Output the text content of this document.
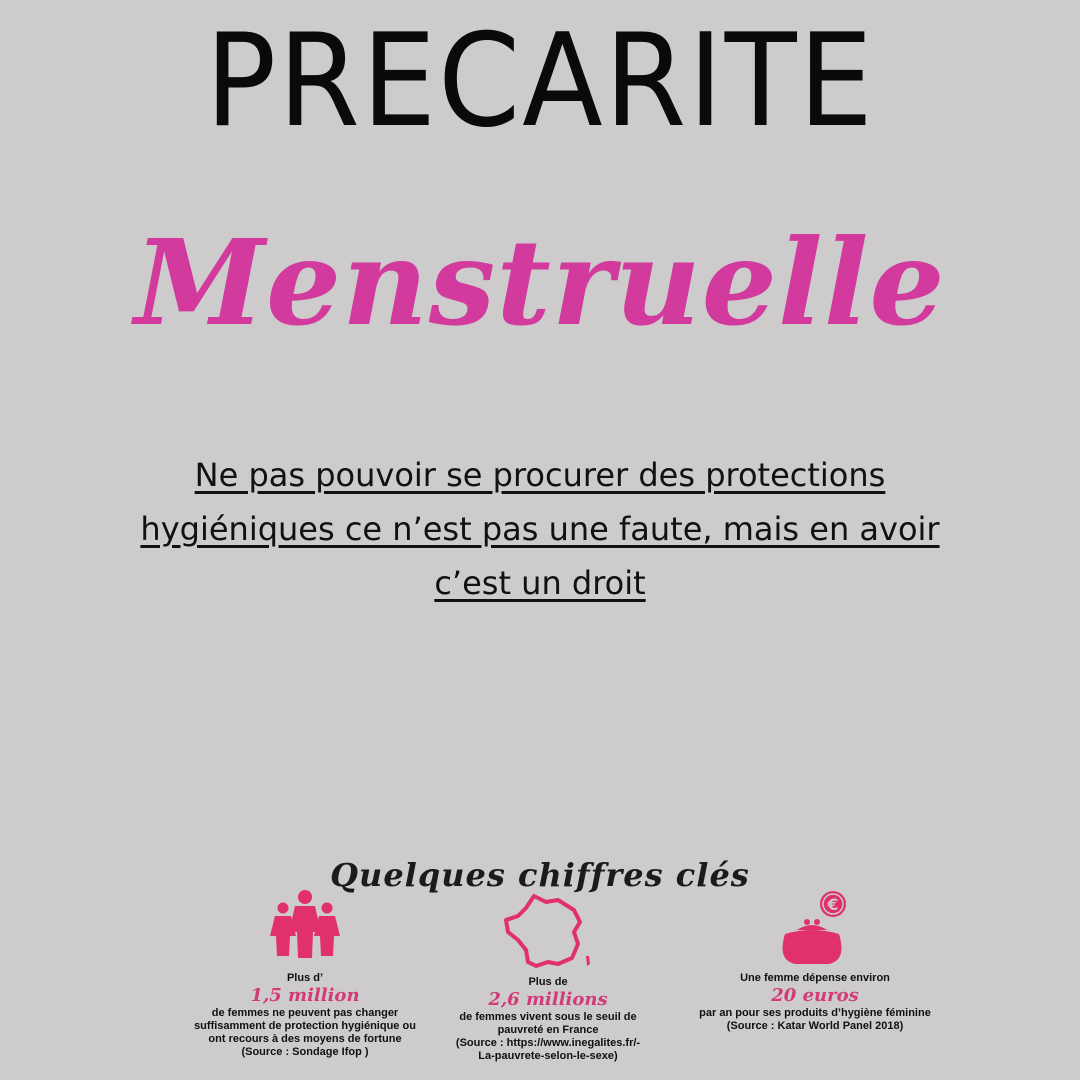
PRECARITE
Menstruelle
Ne pas pouvoir se procurer des protections hygiéniques ce n’est pas une faute, mais en avoir c’est un droit
Quelques chiffres clés
Plus d’
1,5 million
de femmes ne peuvent pas changer
suffisamment de protection hygiénique ou
ont recours à des moyens de fortune
(Source : Sondage Ifop )
Plus de
2,6 millions
de femmes vivent sous le seuil de
pauvreté en France
(Source : https://www.inegalites.fr/-
La-pauvrete-selon-le-sexe)
€
Une femme dépense environ
20 euros
par an pour ses produits d’hygiène féminine
(Source : Katar World Panel 2018)
